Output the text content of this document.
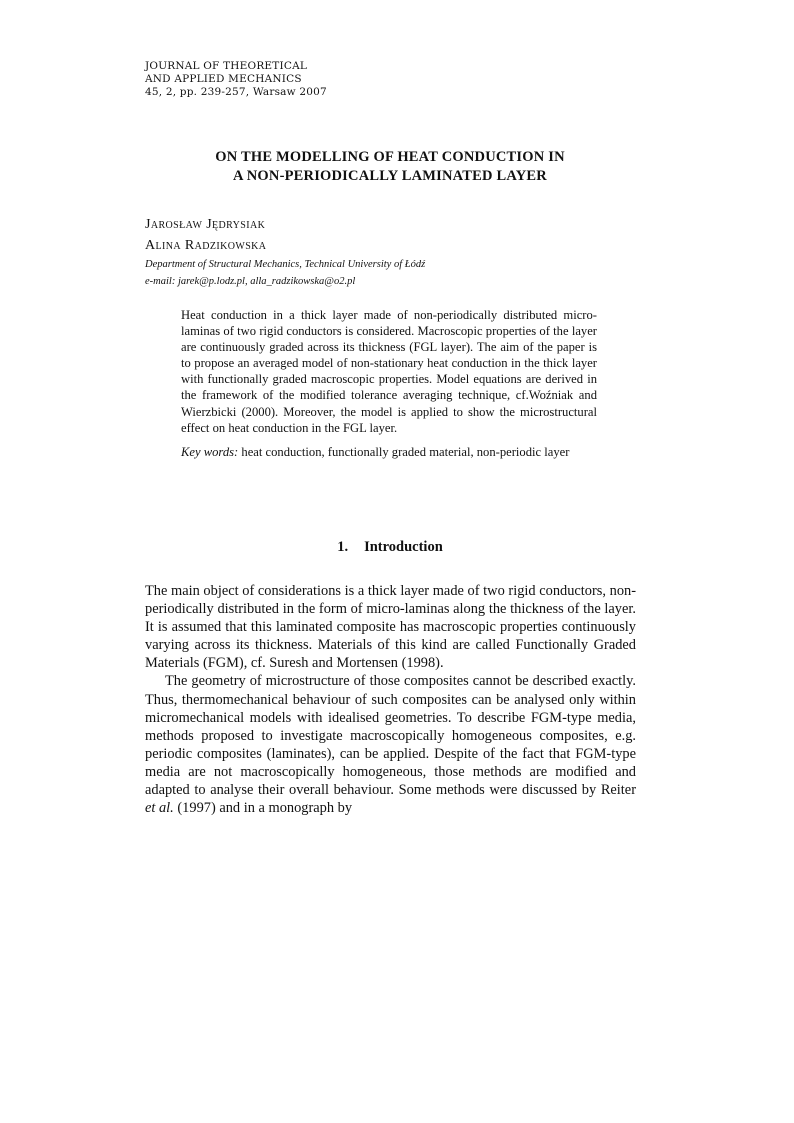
JOURNAL OF THEORETICAL
AND APPLIED MECHANICS
45, 2, pp. 239-257, Warsaw 2007
ON THE MODELLING OF HEAT CONDUCTION IN
A NON-PERIODICALLY LAMINATED LAYER
Jarosław Jędrysiak
Alina Radzikowska
Department of Structural Mechanics, Technical University of Łódź
e-mail: jarek@p.lodz.pl, alla_radzikowska@o2.pl

Heat conduction in a thick layer made of non-periodically distributed micro-laminas of two rigid conductors is considered. Macroscopic properties of the layer are continuously graded across its thickness (FGL layer). The aim of the paper is to propose an averaged model of non-stationary heat conduction in the thick layer with functionally graded macroscopic properties. Model equations are derived in the framework of the modified tolerance averaging technique, cf.Woźniak and Wierzbicki (2000). Moreover, the model is applied to show the microstructural effect on heat conduction in the FGL layer.

Key words: heat conduction, functionally graded material, non-periodic layer

1. Introduction

The main object of considerations is a thick layer made of two rigid conductors, non-periodically distributed in the form of micro-laminas along the thickness of the layer. It is assumed that this laminated composite has macroscopic properties continuously varying across its thickness. Materials of this kind are called Functionally Graded Materials (FGM), cf. Suresh and Mortensen (1998).

The geometry of microstructure of those composites cannot be described exactly. Thus, thermomechanical behaviour of such composites can be analysed only within micromechanical models with idealised geometries. To describe FGM-type media, methods proposed to investigate macroscopically homogeneous composites, e.g. periodic composites (laminates), can be applied. Despite of the fact that FGM-type media are not macroscopically homogeneous, those methods are modified and adapted to analyse their overall behaviour. Some methods were discussed by Reiter et al. (1997) and in a monograph by
